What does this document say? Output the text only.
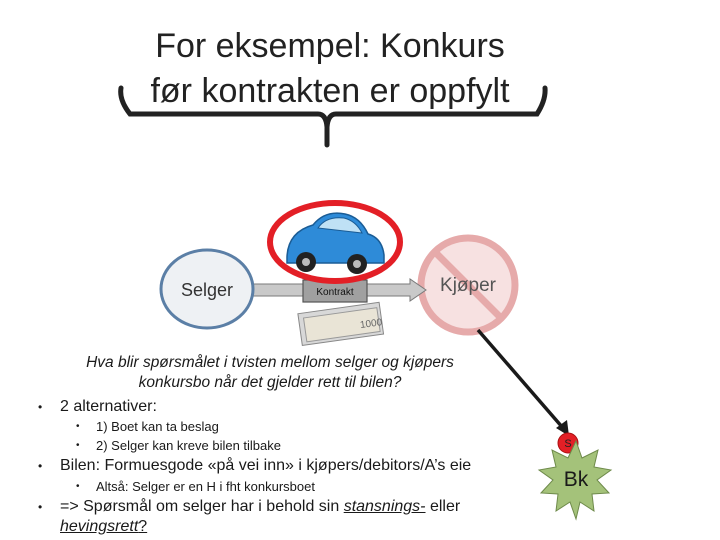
For eksempel: Konkurs
før kontrakten er oppfylt
Kjøper
1000
Kontrakt
Selger
S
Bk
Hva blir spørsmålet i tvisten mellom selger og kjøpers konkursbo når det gjelder rett til bilen?
• 2 alternativer:
• 1) Boet kan ta beslag
• 2) Selger kan kreve bilen tilbake
• Bilen: Formuesgode «på vei inn» i kjøpers/debitors/A’s eie
• Altså: Selger er en H i fht konkursboet
• => Spørsmål om selger har i behold sin stansnings- eller
hevingsrett?
